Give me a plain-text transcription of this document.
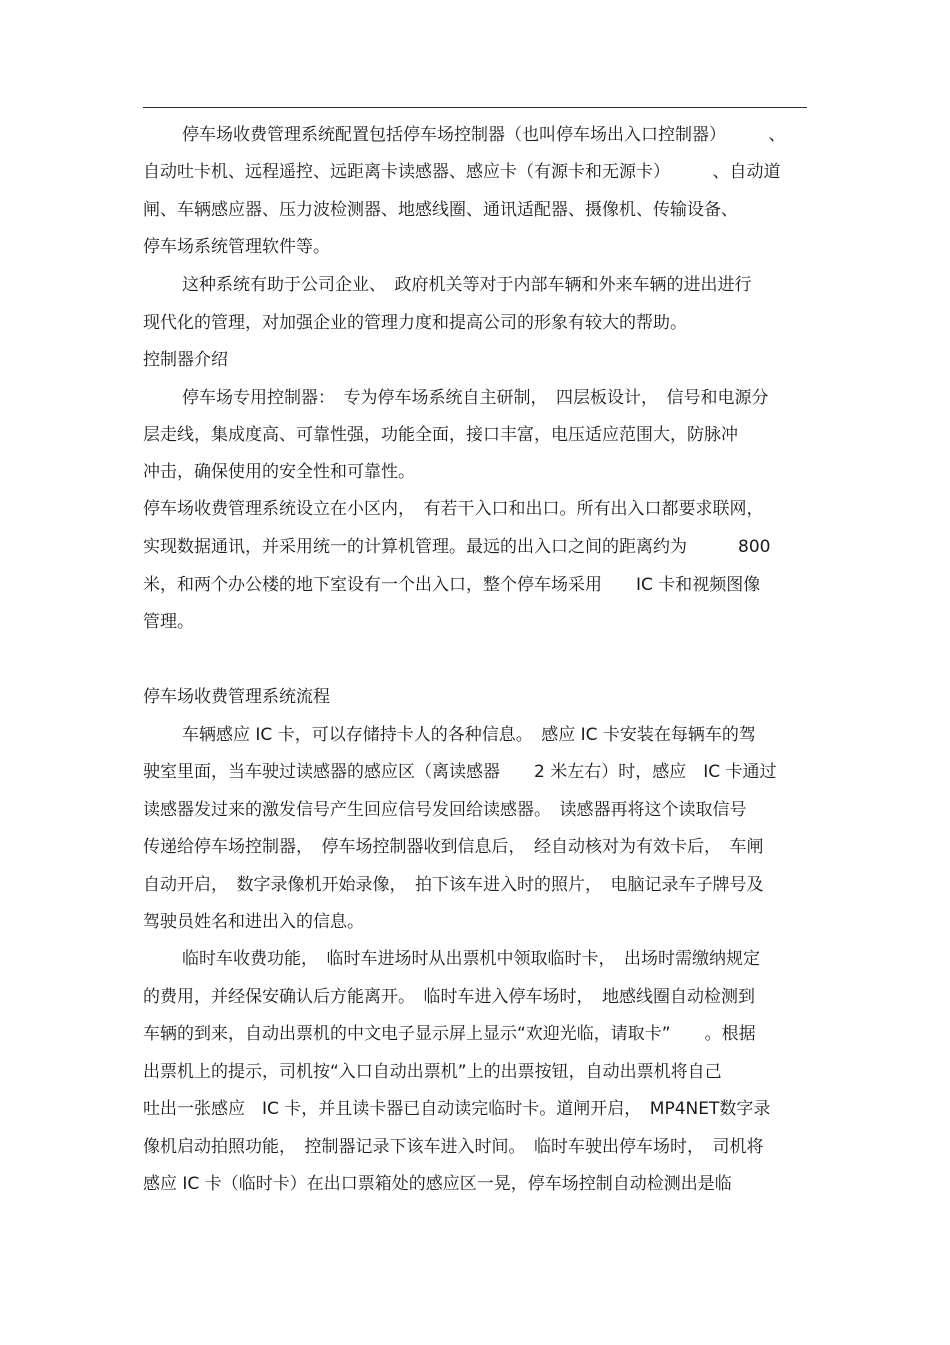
停车场收费管理系统配置包括停车场控制器（也叫停车场出入口控制器）　　　、
自动吐卡机、远程遥控、远距离卡读感器、感应卡（有源卡和无源卡）　　　、自动道
闸、车辆感应器、压力波检测器、地感线圈、通讯适配器、摄像机、传输设备、
停车场系统管理软件等。
这种系统有助于公司企业、　政府机关等对于内部车辆和外来车辆的进出进行
现代化的管理，对加强企业的管理力度和提高公司的形象有较大的帮助。
控制器介绍
停车场专用控制器：　专为停车场系统自主研制，　四层板设计，　信号和电源分
层走线，集成度高、可靠性强，功能全面，接口丰富，电压适应范围大，防脉冲
冲击，确保使用的安全性和可靠性。
停车场收费管理系统设立在小区内，　有若干入口和出口。所有出入口都要求联网，
实现数据通讯，并采用统一的计算机管理。最远的出入口之间的距离约为　　　800
米，和两个办公楼的地下室设有一个出入口，整个停车场采用　　IC 卡和视频图像
管理。
停车场收费管理系统流程
车辆感应 IC 卡，可以存储持卡人的各种信息。　感应 IC 卡安装在每辆车的驾
驶室里面，当车驶过读感器的感应区（离读感器　　2 米左右）时，感应　IC 卡通过
读感器发过来的激发信号产生回应信号发回给读感器。　读感器再将这个读取信号
传递给停车场控制器，　停车场控制器收到信息后，　经自动核对为有效卡后，　车闸
自动开启，　数字录像机开始录像，　拍下该车进入时的照片，　电脑记录车子牌号及
驾驶员姓名和进出入的信息。
临时车收费功能，　临时车进场时从出票机中领取临时卡，　出场时需缴纳规定
的费用，并经保安确认后方能离开。　临时车进入停车场时，　地感线圈自动检测到
车辆的到来，自动出票机的中文电子显示屏上显示“欢迎光临，请取卡”　　。根据
出票机上的提示，司机按“入口自动出票机”上的出票按钮，自动出票机将自己
吐出一张感应　IC 卡，并且读卡器已自动读完临时卡。道闸开启，　MP4NET数字录
像机启动拍照功能，　控制器记录下该车进入时间。　临时车驶出停车场时，　司机将
感应 IC 卡（临时卡）在出口票箱处的感应区一晃，停车场控制自动检测出是临
